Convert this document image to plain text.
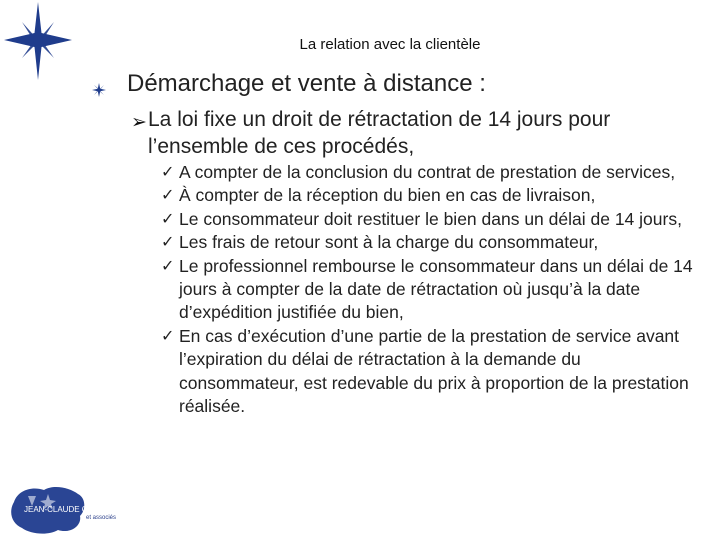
La relation avec la clientèle
Démarchage et vente à distance :
➢ La loi fixe un droit de rétractation de 14 jours pour l’ensemble de ces procédés,
✓ A compter de la conclusion du contrat de prestation de services,
✓ À compter de la réception du bien en cas de livraison,
✓ Le consommateur doit restituer le bien dans un délai de 14 jours,
✓ Les frais de retour sont à la charge du consommateur,
✓ Le professionnel rembourse le consommateur dans un délai de 14 jours à compter de la date de rétractation où jusqu’à la date d’expédition justifiée du bien,
✓ En cas d’exécution d’une partie de la prestation de service avant l’expiration du délai de rétractation à la demande du consommateur, est redevable du prix à proportion de la prestation réalisée.
JEAN-CLAUDE COULON
et associés
